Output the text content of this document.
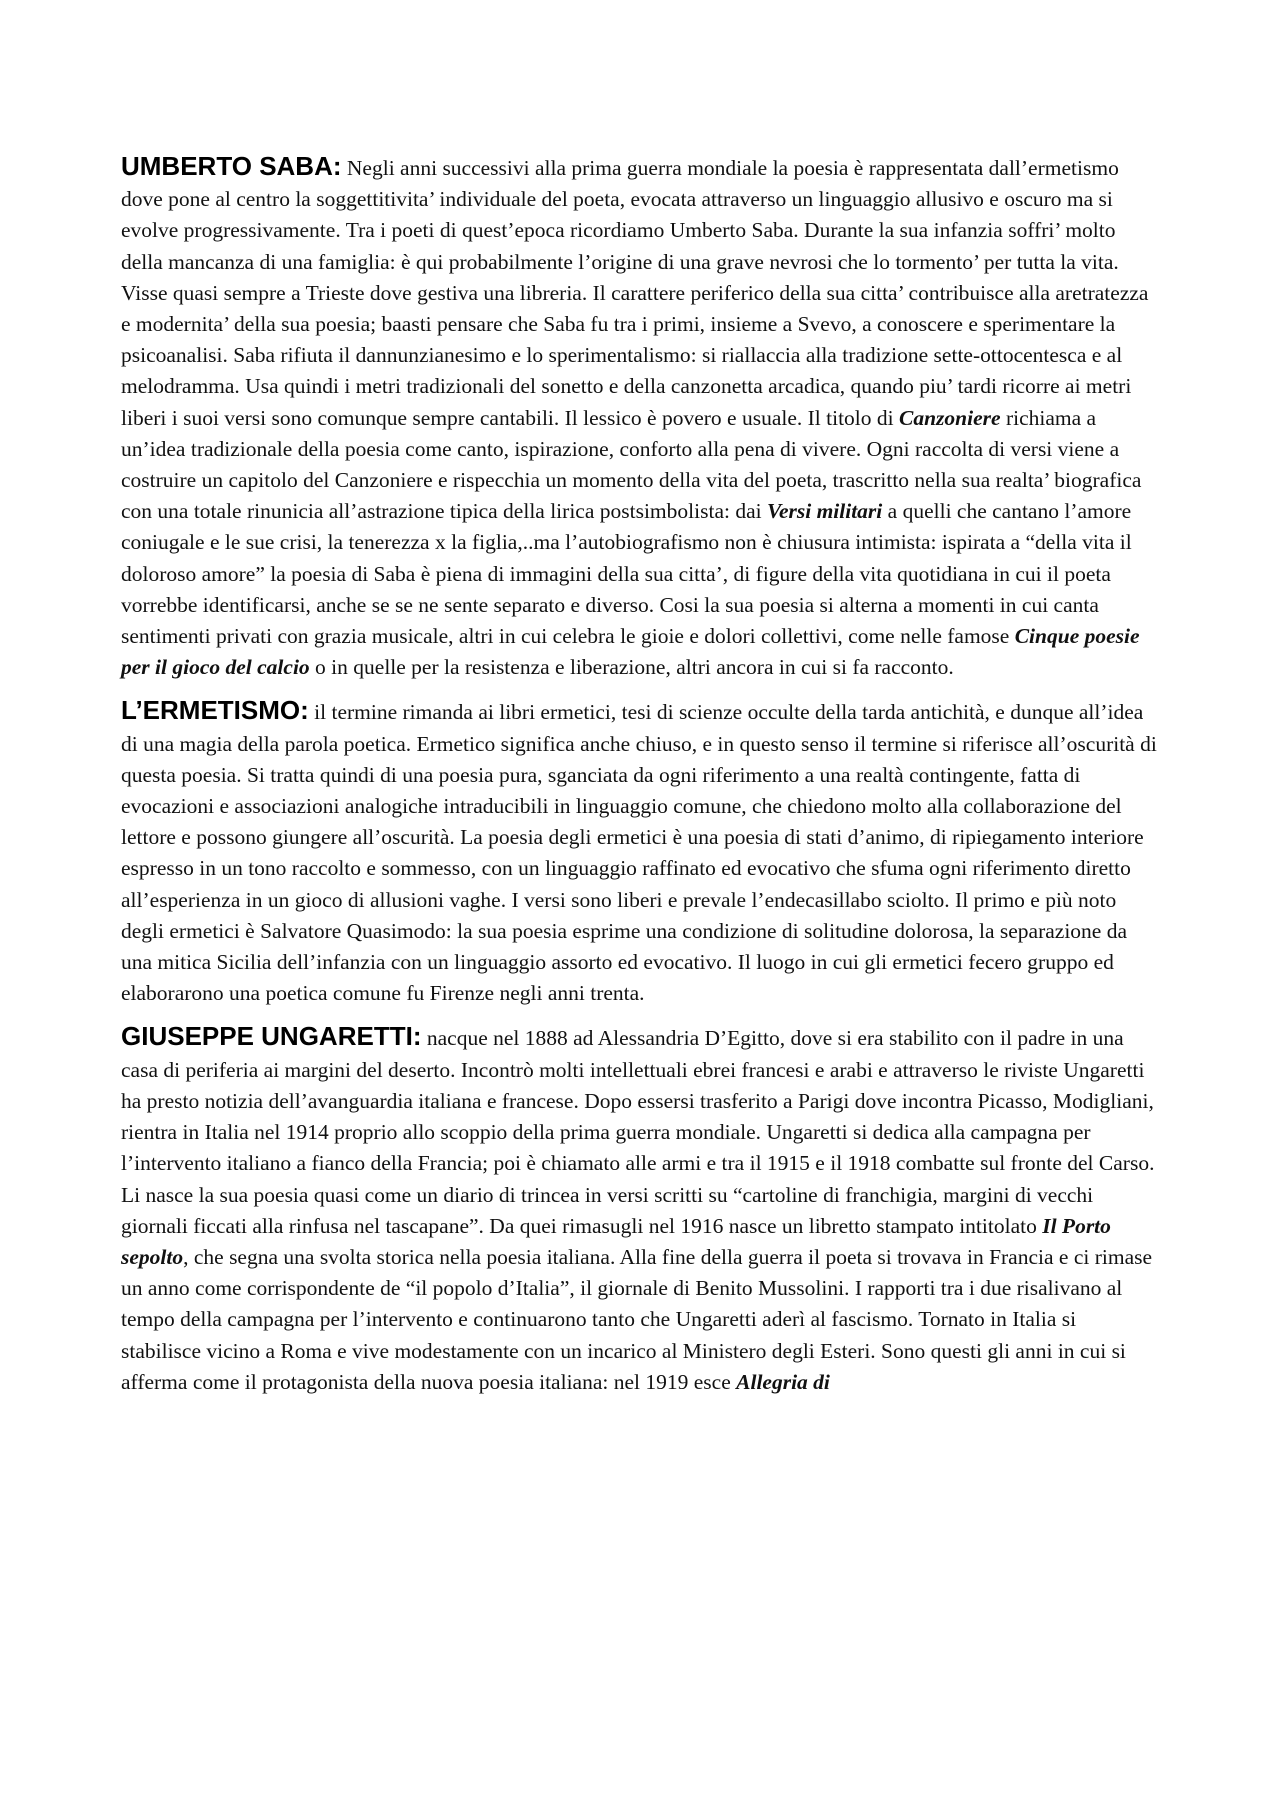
UMBERTO SABA: Negli anni successivi alla prima guerra mondiale la poesia è rappresentata dall’ermetismo dove pone al centro la soggettitivita’ individuale del poeta, evocata attraverso un linguaggio allusivo e oscuro ma si evolve progressivamente. Tra i poeti di quest’epoca ricordiamo Umberto Saba. Durante la sua infanzia soffri’ molto della mancanza di una famiglia: è qui probabilmente l’origine di una grave nevrosi che lo tormento’ per tutta la vita. Visse quasi sempre a Trieste dove gestiva una libreria. Il carattere periferico della sua citta’ contribuisce alla aretratezza e modernita’ della sua poesia; baasti pensare che Saba fu tra i primi, insieme a Svevo, a conoscere e sperimentare la psicoanalisi. Saba rifiuta il dannunzianesimo e lo sperimentalismo: si riallaccia alla tradizione sette-ottocentesca e al melodramma. Usa quindi i metri tradizionali del sonetto e della canzonetta arcadica, quando piu’ tardi ricorre ai metri liberi i suoi versi sono comunque sempre cantabili. Il lessico è povero e usuale. Il titolo di Canzoniere richiama a un’idea tradizionale della poesia come canto, ispirazione, conforto alla pena di vivere. Ogni raccolta di versi viene a costruire un capitolo del Canzoniere e rispecchia un momento della vita del poeta, trascritto nella sua realta’ biografica con una totale rinunicia all’astrazione tipica della lirica postsimbolista: dai Versi militari a quelli che cantano l’amore coniugale e le sue crisi, la tenerezza x la figlia,..ma l’autobiografismo non è chiusura intimista: ispirata a “della vita il doloroso amore” la poesia di Saba è piena di immagini della sua citta’, di figure della vita quotidiana in cui il poeta vorrebbe identificarsi, anche se se ne sente separato e diverso. Cosi la sua poesia si alterna a momenti in cui canta sentimenti privati con grazia musicale, altri in cui celebra le gioie e dolori collettivi, come nelle famose Cinque poesie per il gioco del calcio o in quelle per la resistenza e liberazione, altri ancora in cui si fa racconto.

L’ERMETISMO: il termine rimanda ai libri ermetici, tesi di scienze occulte della tarda antichità, e dunque all’idea di una magia della parola poetica. Ermetico significa anche chiuso, e in questo senso il termine si riferisce all’oscurità di questa poesia. Si tratta quindi di una poesia pura, sganciata da ogni riferimento a una realtà contingente, fatta di evocazioni e associazioni analogiche intraducibili in linguaggio comune, che chiedono molto alla collaborazione del lettore e possono giungere all’oscurità. La poesia degli ermetici è una poesia di stati d’animo, di ripiegamento interiore espresso in un tono raccolto e sommesso, con un linguaggio raffinato ed evocativo che sfuma ogni riferimento diretto all’esperienza in un gioco di allusioni vaghe. I versi sono liberi e prevale l’endecasillabo sciolto. Il primo e più noto degli ermetici è Salvatore Quasimodo: la sua poesia esprime una condizione di solitudine dolorosa, la separazione da una mitica Sicilia dell’infanzia con un linguaggio assorto ed evocativo. Il luogo in cui gli ermetici fecero gruppo ed elaborarono una poetica comune fu Firenze negli anni trenta.

GIUSEPPE UNGARETTI: nacque nel 1888 ad Alessandria D’Egitto, dove si era stabilito con il padre in una casa di periferia ai margini del deserto. Incontrò molti intellettuali ebrei francesi e arabi e attraverso le riviste Ungaretti ha presto notizia dell’avanguardia italiana e francese. Dopo essersi trasferito a Parigi dove incontra Picasso, Modigliani, rientra in Italia nel 1914 proprio allo scoppio della prima guerra mondiale. Ungaretti si dedica alla campagna per l’intervento italiano a fianco della Francia; poi è chiamato alle armi e tra il 1915 e il 1918 combatte sul fronte del Carso. Li nasce la sua poesia quasi come un diario di trincea in versi scritti su “cartoline di franchigia, margini di vecchi giornali ficcati alla rinfusa nel tascapane”. Da quei rimasugli nel 1916 nasce un libretto stampato intitolato Il Porto sepolto, che segna una svolta storica nella poesia italiana. Alla fine della guerra il poeta si trovava in Francia e ci rimase un anno come corrispondente de “il popolo d’Italia”, il giornale di Benito Mussolini. I rapporti tra i due risalivano al tempo della campagna per l’intervento e continuarono tanto che Ungaretti aderì al fascismo. Tornato in Italia si stabilisce vicino a Roma e vive modestamente con un incarico al Ministero degli Esteri. Sono questi gli anni in cui si afferma come il protagonista della nuova poesia italiana: nel 1919 esce Allegria di
